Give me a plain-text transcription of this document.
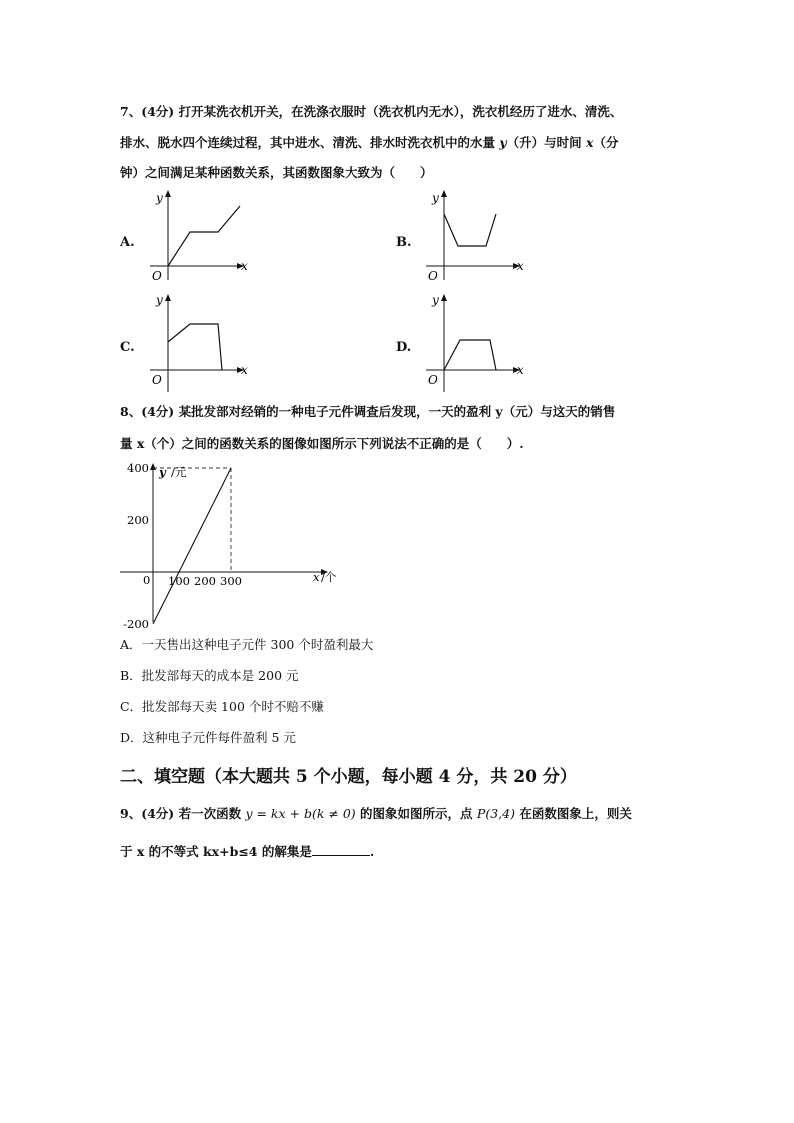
7、(4分) 打开某洗衣机开关，在洗涤衣服时（洗衣机内无水），洗衣机经历了进水、清洗、
排水、脱水四个连续过程，其中进水、清洗、排水时洗衣机中的水量 y（升）与时间 x（分
钟）之间满足某种函数关系，其函数图象大致为（　　）
A.	B.
C.	D.
y
x
O
y
x
O
y
x
O
y
x
O
8、(4分) 某批发部对经销的一种电子元件调查后发现，一天的盈利 y（元）与这天的销售
量 x（个）之间的函数关系的图像如图所示下列说法不正确的是（　　）.
y /元
x /个
0
400
200
-200
100 200 300
A．一天售出这种电子元件 300 个时盈利最大
B．批发部每天的成本是 200 元
C．批发部每天卖 100 个时不赔不赚
D．这种电子元件每件盈利 5 元
二、填空题（本大题共 5 个小题，每小题 4 分，共 20 分）
9、(4分) 若一次函数 y = kx + b(k ≠ 0) 的图象如图所示，点 P(3,4) 在函数图象上，则关
于 x 的不等式 kx+b≤4 的解集是	.
